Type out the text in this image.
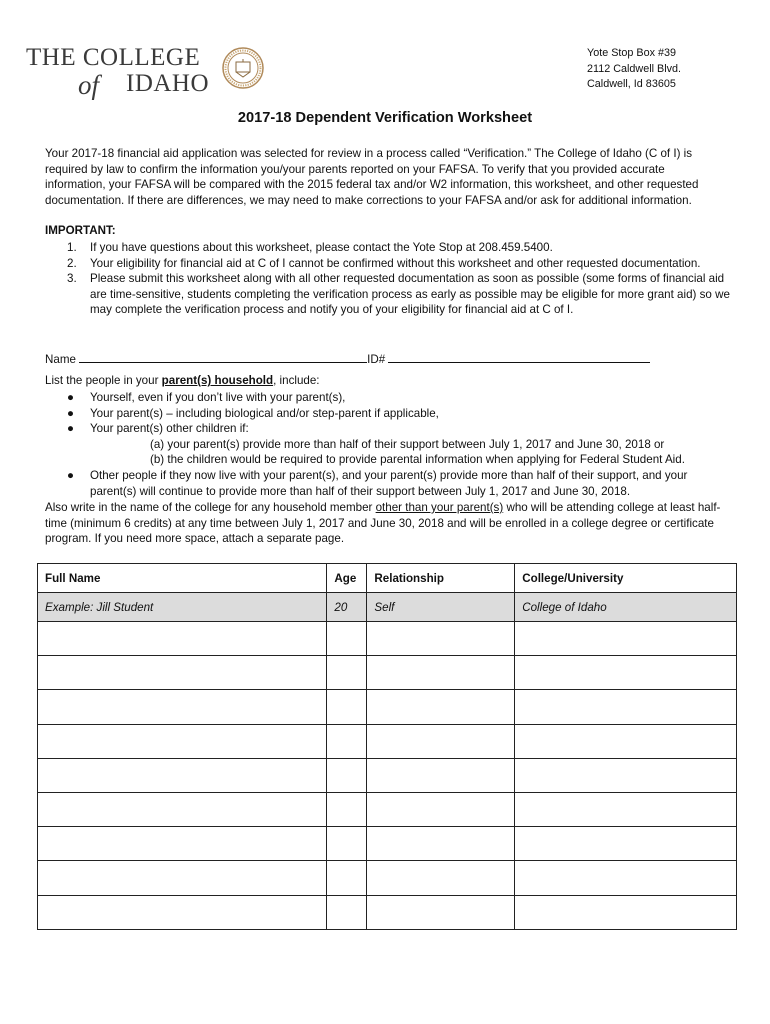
THE COLLEGE
of IDAHO
Yote Stop Box #39
2112 Caldwell Blvd.
Caldwell, Id 83605
2017-18 Dependent Verification Worksheet
Your 2017-18 financial aid application was selected for review in a process called “Verification.” The College of Idaho (C of I) is required by law to confirm the information you/your parents reported on your FAFSA. To verify that you provided accurate information, your FAFSA will be compared with the 2015 federal tax and/or W2 information, this worksheet, and other requested documentation. If there are differences, we may need to make corrections to your FAFSA and/or ask for additional information.
IMPORTANT:
1. If you have questions about this worksheet, please contact the Yote Stop at 208.459.5400.
2. Your eligibility for financial aid at C of I cannot be confirmed without this worksheet and other requested documentation.
3. Please submit this worksheet along with all other requested documentation as soon as possible (some forms of financial aid are time-sensitive, students completing the verification process as early as possible may be eligible for more grant aid) so we may complete the verification process and notify you of your eligibility for financial aid at C of I.
Name	ID#
List the people in your parent(s) household, include:
● Yourself, even if you don’t live with your parent(s),
● Your parent(s) – including biological and/or step-parent if applicable,
● Your parent(s) other children if:
(a) your parent(s) provide more than half of their support between July 1, 2017 and June 30, 2018 or
(b) the children would be required to provide parental information when applying for Federal Student Aid.
● Other people if they now live with your parent(s), and your parent(s) provide more than half of their support, and your parent(s) will continue to provide more than half of their support between July 1, 2017 and June 30, 2018.
Also write in the name of the college for any household member other than your parent(s) who will be attending college at least half-time (minimum 6 credits) at any time between July 1, 2017 and June 30, 2018 and will be enrolled in a college degree or certificate program. If you need more space, attach a separate page.
Full Name	Age	Relationship	College/University
Example: Jill Student	20	Self	College of Idaho
